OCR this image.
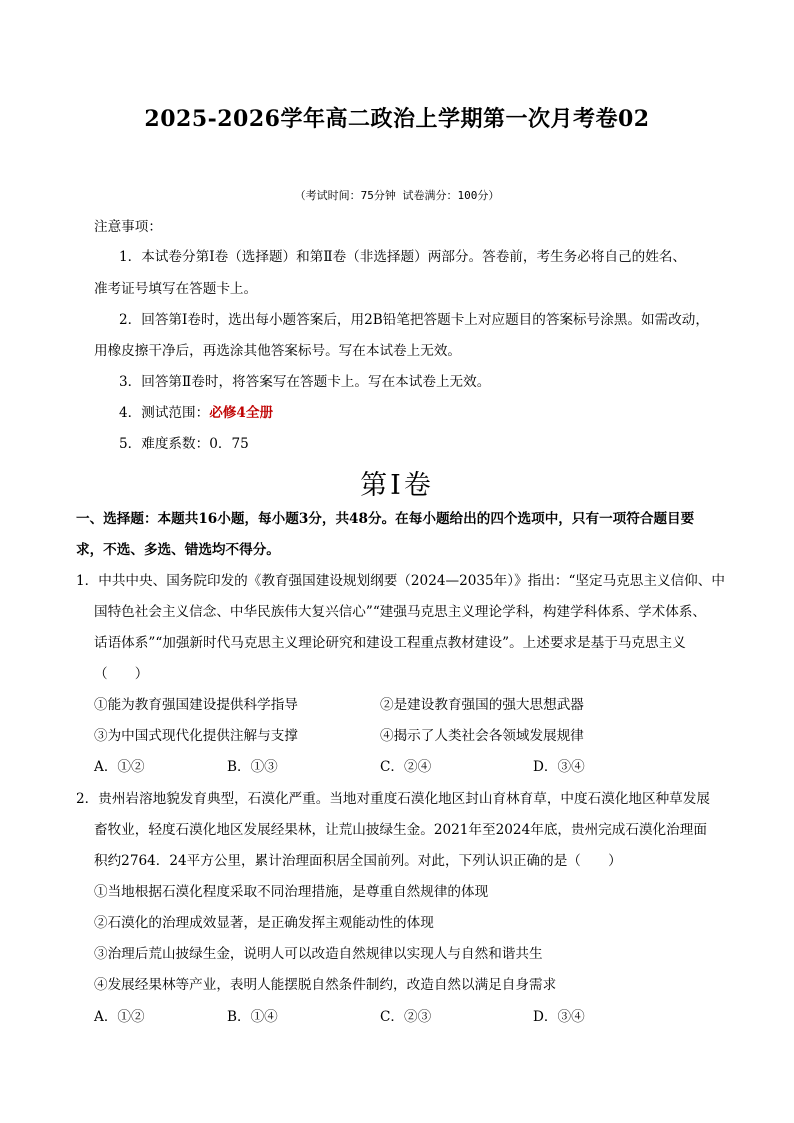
2025-2026学年高二政治上学期第一次月考卷02
（考试时间：75分钟 试卷满分：100分）
注意事项：
1．本试卷分第Ⅰ卷（选择题）和第Ⅱ卷（非选择题）两部分。答卷前，考生务必将自己的姓名、
准考证号填写在答题卡上。
2．回答第Ⅰ卷时，选出每小题答案后，用2B铅笔把答题卡上对应题目的答案标号涂黑。如需改动，
用橡皮擦干净后，再选涂其他答案标号。写在本试卷上无效。
3．回答第Ⅱ卷时，将答案写在答题卡上。写在本试卷上无效。
4．测试范围：必修4全册
5．难度系数：0．75
第Ⅰ卷
一、选择题：本题共16小题，每小题3分，共48分。在每小题给出的四个选项中，只有一项符合题目要
求，不选、多选、错选均不得分。
1．中共中央、国务院印发的《教育强国建设规划纲要（2024—2035年）》指出：“坚定马克思主义信仰、中
国特色社会主义信念、中华民族伟大复兴信心”“建强马克思主义理论学科，构建学科体系、学术体系、
话语体系”“加强新时代马克思主义理论研究和建设工程重点教材建设”。上述要求是基于马克思主义
（　　）
①能为教育强国建设提供科学指导	②是建设教育强国的强大思想武器
③为中国式现代化提供注解与支撑	④揭示了人类社会各领域发展规律
A．①②	B．①③	C．②④	D．③④
2．贵州岩溶地貌发育典型，石漠化严重。当地对重度石漠化地区封山育林育草，中度石漠化地区种草发展
畜牧业，轻度石漠化地区发展经果林，让荒山披绿生金。2021年至2024年底，贵州完成石漠化治理面
积约2764．24平方公里，累计治理面积居全国前列。对此，下列认识正确的是（　　）
①当地根据石漠化程度采取不同治理措施，是尊重自然规律的体现
②石漠化的治理成效显著，是正确发挥主观能动性的体现
③治理后荒山披绿生金，说明人可以改造自然规律以实现人与自然和谐共生
④发展经果林等产业，表明人能摆脱自然条件制约，改造自然以满足自身需求
A．①②	B．①④	C．②③	D．③④
